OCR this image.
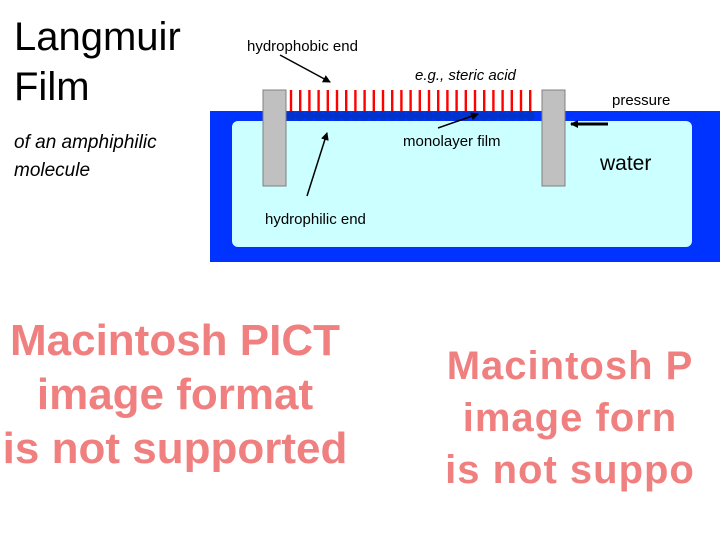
Langmuir
Film
of an amphiphilic
molecule
hydrophobic end
e.g., steric acid
pressure
monolayer film
water
hydrophilic end
Macintosh PICT
image format
is not supported
Macintosh P
image forn
is not suppo
